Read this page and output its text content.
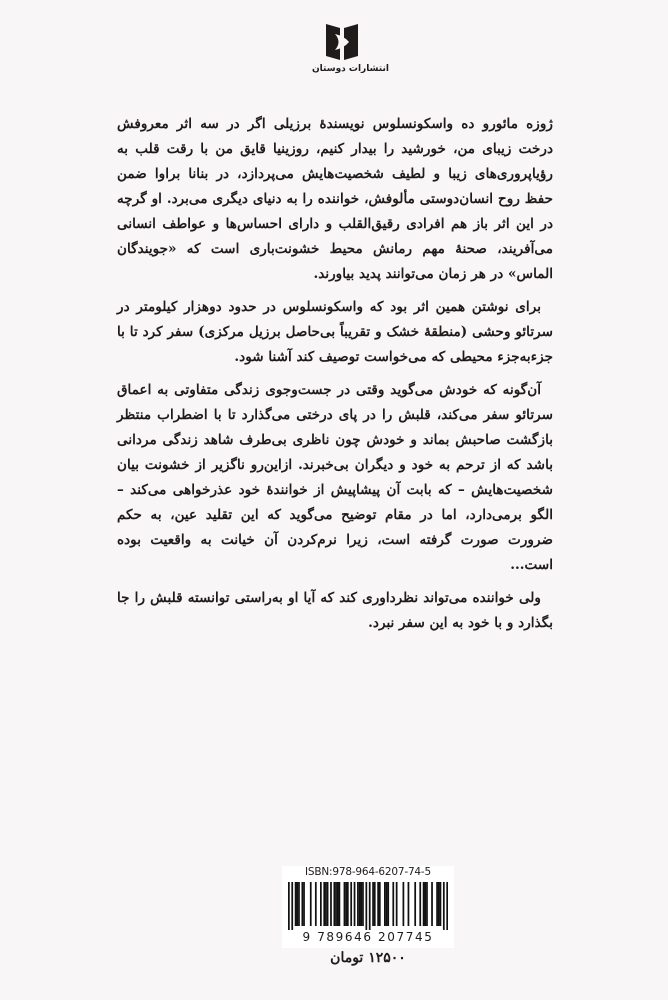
انتشارات دوستان

ژوزه مائورو ده واسکونسلوس نویسندهٔ برزیلی اگر در سه اثر معروفش درخت زیبای من، خورشید را بیدار کنیم، روزینیا قایق من با رقت قلب به رؤیاپروری‌های زیبا و لطیف شخصیت‌هایش می‌پردازد، در بنانا براوا ضمن حفظ روح انسان‌دوستی مألوفش، خواننده را به دنیای دیگری می‌برد. او گرچه در این اثر باز هم افرادی رقیق‌القلب و دارای احساس‌ها و عواطف انسانی می‌آفریند، صحنهٔ مهم رمانش محیط خشونت‌باری است که «جویندگان الماس» در هر زمان می‌توانند پدید بیاورند.

برای نوشتن همین اثر بود که واسکونسلوس در حدود دوهزار کیلومتر در سرتائو وحشی (منطقهٔ خشک و تقریباً بی‌حاصل برزیل مرکزی) سفر کرد تا با جزءبه‌جزء محیطی که می‌خواست توصیف کند آشنا شود.

آن‌گونه که خودش می‌گوید وقتی در جست‌وجوی زندگی متفاوتی به اعماق سرتائو سفر می‌کند، قلبش را در پای درختی می‌گذارد تا با اضطراب منتظر بازگشت صاحبش بماند و خودش چون ناظری بی‌طرف شاهد زندگی مردانی باشد که از ترحم به خود و دیگران بی‌خبرند. ازاین‌رو ناگزیر از خشونت بیان شخصیت‌هایش – که بابت آن پیشاپیش از خوانندهٔ خود عذرخواهی می‌کند – الگو برمی‌دارد، اما در مقام توضیح می‌گوید که این تقلید عین، به حکم ضرورت صورت گرفته است، زیرا نرم‌کردن آن خیانت به واقعیت بوده است...

ولی خواننده می‌تواند نظرداوری کند که آیا او به‌راستی توانسته قلبش را جا بگذارد و با خود به این سفر نبرد.

ISBN:978-964-6207-74-5
9 789646 207745
۱۲۵۰۰ تومان
